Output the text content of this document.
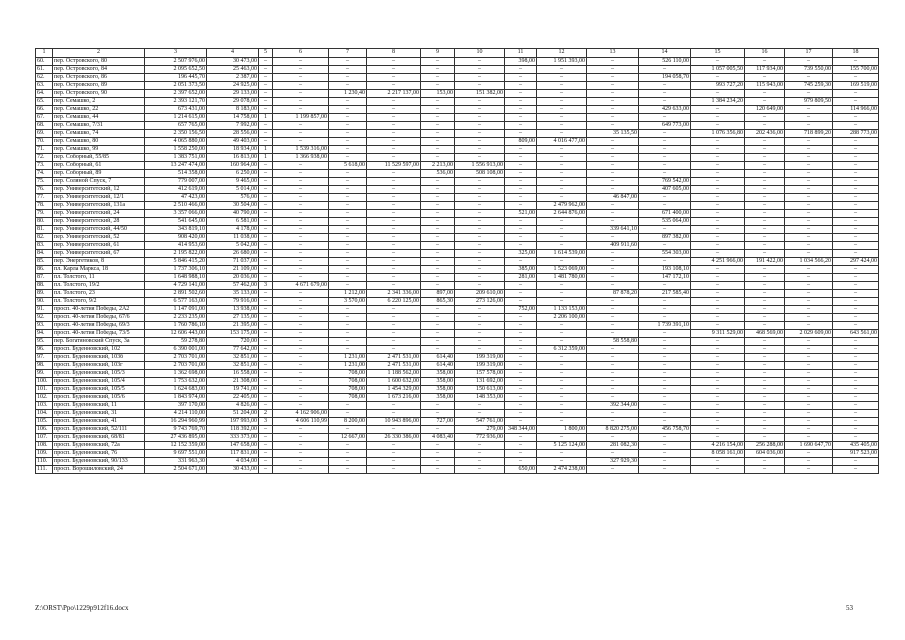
1	2	3	4	5	6	7	8	9	10	11	12	13	14	15	16	17	18
60.	пер. Островского, 80	2 507 976,00	30 473,00	–	–	–	–	–	–	398,00	1 951 393,00	–	526 110,00	–	–	–	–
61.	пер. Островского, 84	2 095 652,50	25 463,00	–	–	–	–	–	–	–	–	–	–	1 057 005,50	117 934,00	739 550,00	155 700,00
62.	пер. Островского, 86	196 445,70	2 387,00	–	–	–	–	–	–	–	–	–	194 058,70	–	–	–	–
63.	пер. Островского, 89	2 051 373,50	24 925,00	–	–	–	–	–	–	–	–	–	–	993 727,20	115 943,00	745 259,30	169 519,00
64.	пер. Островского, 90	2 397 652,00	29 133,00	–	–	1 230,40	2 217 137,00	153,00	151 382,00	–	–	–	–	–	–	–	–
65.	пер. Семашко, 2	2 393 121,70	29 078,00	–	–	–	–	–	–	–	–	–	–	1 384 234,20	–	979 809,50	–
66.	пер. Семашко, 22	673 431,00	8 183,00	–	–	–	–	–	–	–	–	–	429 633,00	–	120 649,00	–	114 966,00
67.	пер. Семашко, 44	1 214 615,00	14 758,00	1	1 199 857,00	–	–	–	–	–	–	–	–	–	–	–	–
68.	пер. Семашко, 7/31	657 765,00	7 992,00	–	–	–	–	–	–	–	–	–	649 773,00	–	–	–	–
69.	пер. Семашко, 74	2 350 156,50	28 556,00	–	–	–	–	–	–	–	–	35 135,50	–	1 076 356,80	202 436,00	718 899,20	288 773,00
70.	пер. Семашко, 80	4 065 880,00	49 403,00	–	–	–	–	–	–	809,00	4 016 477,00	–	–	–	–	–	–
71.	пер. Семашко, 99	1 558 250,00	18 934,00	1	1 539 316,00	–	–	–	–	–	–	–	–	–	–	–	–
72.	пер. Соборный, 55/85	1 383 751,00	16 813,00	1	1 366 938,00	–	–	–	–	–	–	–	–	–	–	–	–
73.	пер. Соборный, 61	13 247 474,00	160 964,00	–	–	5 618,00	11 529 597,00	2 213,00	1 556 913,00	–	–	–	–	–	–	–	–
74.	пер. Соборный, 89	514 358,00	6 250,00	–	–	–	–	536,00	508 108,00	–	–	–	–	–	–	–	–
75.	пер. Соляной Спуск, 7	779 007,00	9 465,00	–	–	–	–	–	–	–	–	–	769 542,00	–	–	–	–
76.	пер. Университетский, 12	412 619,00	5 014,00	–	–	–	–	–	–	–	–	–	407 605,00	–	–	–	–
77.	пер. Университетский, 12/1	47 423,00	576,00	–	–	–	–	–	–	–	–	46 847,00	–	–	–	–	–
78.	пер. Университетский, 131а	2 510 466,00	30 504,00	–	–	–	–	–	–	–	2 479 962,00	–	–	–	–	–	–
79.	пер. Университетский, 24	3 357 066,00	40 790,00	–	–	–	–	–	–	521,00	2 644 876,00	–	671 400,00	–	–	–	–
80.	пер. Университетский, 28	541 645,00	6 581,00	–	–	–	–	–	–	–	–	–	535 064,00	–	–	–	–
81.	пер. Университетский, 44/50	343 819,10	4 178,00	–	–	–	–	–	–	–	–	339 641,10	–	–	–	–	–
82.	пер. Университетский, 52	908 420,00	11 038,00	–	–	–	–	–	–	–	–	–	897 382,00	–	–	–	–
83.	пер. Университетский, 61	414 953,60	5 042,00	–	–	–	–	–	–	–	–	409 911,60	–	–	–	–	–
84.	пер. Университетский, 67	2 195 822,00	26 680,00	–	–	–	–	–	–	325,00	1 614 539,00	–	554 303,00	–	–	–	–
85.	пер. Энергетиков, 8	5 846 415,20	71 037,00	–	–	–	–	–	–	–	–	–	–	4 251 966,00	191 422,00	1 034 566,20	297 424,00
86.	пл. Карла Маркса, 18	1 737 306,10	21 109,00	–	–	–	–	–	–	385,00	1 523 069,00	–	193 108,10	–	–	–	–
87.	пл. Толстого, 11	1 648 988,10	20 036,00	–	–	–	–	–	–	281,00	1 481 780,00	–	147 172,10	–	–	–	–
88.	пл. Толстого, 19/2	4 729 141,00	57 462,00	3	4 671 679,00	–	–	–	–	–	–	–	–	–	–	–	–
89.	пл. Толстого, 23	2 891 502,60	35 133,00	–	–	1 212,00	2 341 336,00	897,00	209 610,00	–	–	87 878,20	217 585,40	–	–	–	–
90.	пл. Толстого, 9/2	6 577 163,00	79 916,00	–	–	3 570,00	6 220 125,00	865,30	273 126,00	–	–	–	–	–	–	–	–
91.	просп. 40-летия Победы, 2А2	1 147 091,00	13 938,00	–	–	–	–	–	–	752,00	1 133 153,00	–	–	–	–	–	–
92.	просп. 40-летия Победы, 67/6	2 233 235,00	27 135,00	–	–	–	–	–	–	–	2 206 100,00	–	–	–	–	–	–
93.	просп. 40-летия Победы, 69/3	1 760 786,10	21 395,00	–	–	–	–	–	–	–	–	–	1 739 391,10	–	–	–	–
94.	просп. 40-летия Победы, 73/5	12 606 443,00	153 175,00	–	–	–	–	–	–	–	–	–	–	9 311 529,00	468 569,00	2 029 609,00	643 561,00
95.	пер. Богатяновский Спуск, 3а	59 278,80	720,00	–	–	–	–	–	–	–	–	58 558,80	–	–	–	–	–
96.	просп. Буденновский, 102	6 390 001,00	77 642,00	–	–	–	–	–	–	–	6 312 359,00	–	–	–	–	–	–
97.	просп. Буденновский, 103б	2 703 701,00	32 851,00	–	–	1 231,00	2 471 531,00	614,40	199 319,00	–	–	–	–	–	–	–	–
98.	просп. Буденновский, 103г	2 703 701,00	32 851,00	–	–	1 231,00	2 471 531,00	614,40	199 319,00	–	–	–	–	–	–	–	–
99.	просп. Буденновский, 105/3	1 362 698,00	16 558,00	–	–	708,00	1 188 562,00	358,00	157 578,00	–	–	–	–	–	–	–	–
100.	просп. Буденновский, 105/4	1 753 632,00	21 308,00	–	–	708,00	1 600 632,00	358,00	131 692,00	–	–	–	–	–	–	–	–
101.	просп. Буденновский, 105/5	1 624 683,00	19 741,00	–	–	708,00	1 454 329,00	358,00	150 613,00	–	–	–	–	–	–	–	–
102.	просп. Буденновский, 105/6	1 843 974,00	22 405,00	–	–	708,00	1 673 216,00	358,00	148 353,00	–	–	–	–	–	–	–	–
103.	просп. Буденновский, 11	397 170,00	4 826,00	–	–	–	–	–	–	–	–	392 344,00	–	–	–	–	–
104.	просп. Буденновский, 31	4 214 110,00	51 204,00	2	4 162 906,00	–	–	–	–	–	–	–	–	–	–	–	–
105.	просп. Буденновский, 41	16 294 960,99	197 993,00	3	4 606 110,99	8 200,00	10 943 896,00	727,00	547 761,00	–	–	–	–	–	–	–	–
106.	просп. Буденновский, 52/111	9 743 769,70	118 392,00	–	–	–	–	–	279,00	348 344,00	1 800,00	8 820 275,00	456 758,70	–	–	–	–
107.	просп. Буденновский, 68/81	27 436 895,00	333 373,00	–	–	12 667,00	26 330 386,00	4 083,40	772 936,00	–	–	–	–	–	–	–	–
108.	просп. Буденновский, 72а	12 152 359,00	147 658,00	–	–	–	–	–	–	–	5 125 124,00	281 082,30	–	4 216 154,00	256 288,00	1 690 647,70	435 405,00
109.	просп. Буденновский, 76	9 697 551,00	117 831,00	–	–	–	–	–	–	–	–	–	–	8 058 161,00	604 036,00	–	917 523,00
110.	просп. Буденновский, 90/133	331 963,30	4 034,00	–	–	–	–	–	–	–	–	327 929,30	–	–	–	–	–
111.	просп. Ворошиловский, 24	2 504 671,00	30 433,00	–	–	–	–	–	–	650,00	2 474 238,00	–	–	–	–	–	–
Z:\ORST\Ppo\1229p912f16.docx	53
